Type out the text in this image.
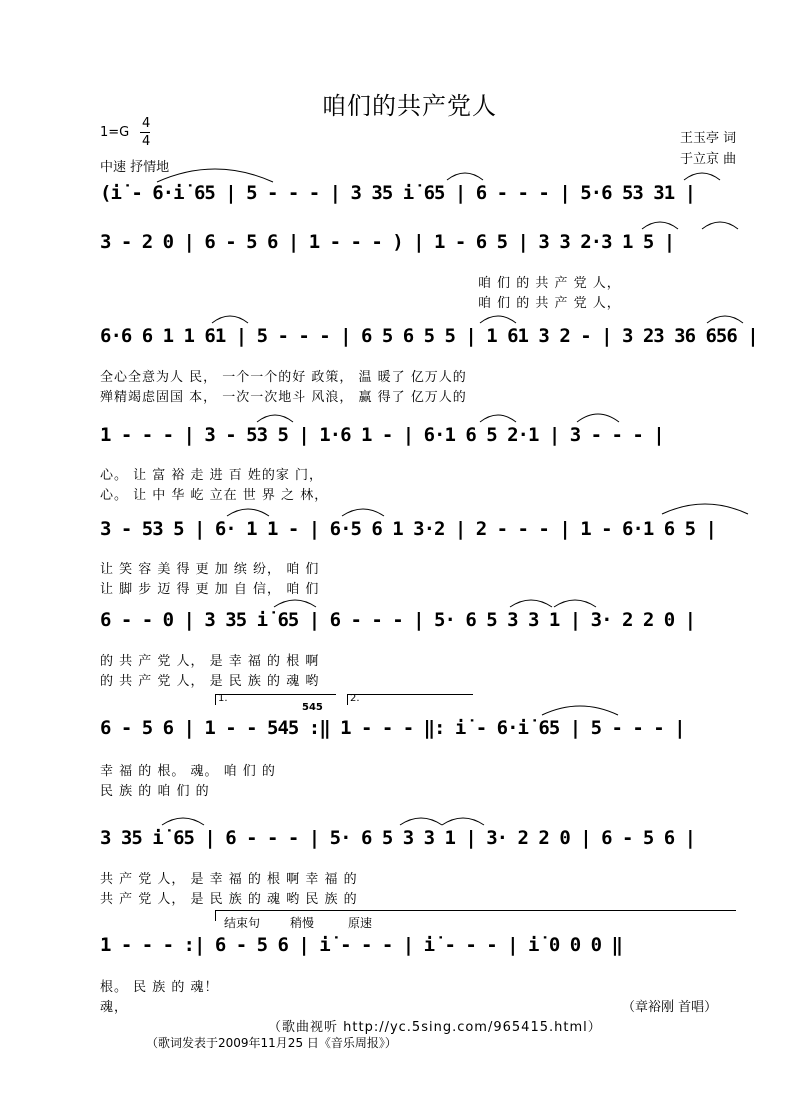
咱们的共产党人
1=G
4
4
中速 抒情地
王玉亭 词
于立京 曲
(i̇ - 6·i̇ 65 | 5 - - - | 3 35 i̇ 65 | 6 - - - | 5·6 53 31 |
3 - 2 0 | 6 - 5 6 | 1 - - - ) | 1 - 6 5 | 3 3 2·3 1 5 |
咱 们 的 共 产 党 人，
咱 们 的 共 产 党 人，
6·6 6 1 1 61 | 5 - - - | 6 5 6 5 5 | 1 61 3 2 - | 3 23 36 656 |
全心全意为人 民， 一个一个的好 政策， 温 暖了 亿万人的
殚精竭虑固国 本， 一次一次地斗 风浪， 赢 得了 亿万人的
1 - - - | 3 - 53 5 | 1·6 1 - | 6·1 6 5 2·1 | 3 - - - |
心。 让 富 裕 走 进 百 姓的家 门，
心。 让 中 华 屹 立在 世 界 之 林，
3 - 53 5 | 6· 1 1 - | 6·5 6 1 3·2 | 2 - - - | 1 - 6·1 6 5 |
让 笑 容 美 得 更 加 缤 纷， 咱 们
让 脚 步 迈 得 更 加 自 信， 咱 们
6 - - 0 | 3 35 i̇ 65 | 6 - - - | 5· 6 5 3 3 1 | 3· 2 2 0 |
的 共 产 党 人， 是 幸 福 的 根 啊
的 共 产 党 人， 是 民 族 的 魂 哟
1.	2.
545
6 - 5 6 | 1 - - 545 :‖ 1 - - - ‖: i̇ - 6·i̇ 65 | 5 - - - |
幸 福 的 根。 魂。 咱 们 的
民 族 的 咱 们 的
3 35 i̇ 65 | 6 - - - | 5· 6 5 3 3 1 | 3· 2 2 0 | 6 - 5 6 |
共 产 党 人， 是 幸 福 的 根 啊 幸 福 的
共 产 党 人， 是 民 族 的 魂 哟 民 族 的
结束句 稍慢	原速
1 - - - :| 6 - 5 6 | i̇ - - - | i̇ - - - | i̇ 0 0 0 ‖
根。 民 族 的 魂！
魂，	（章裕刚 首唱）
（歌曲视听 http://yc.5sing.com/965415.html）
（歌词发表于2009年11月25 日《音乐周报》）
